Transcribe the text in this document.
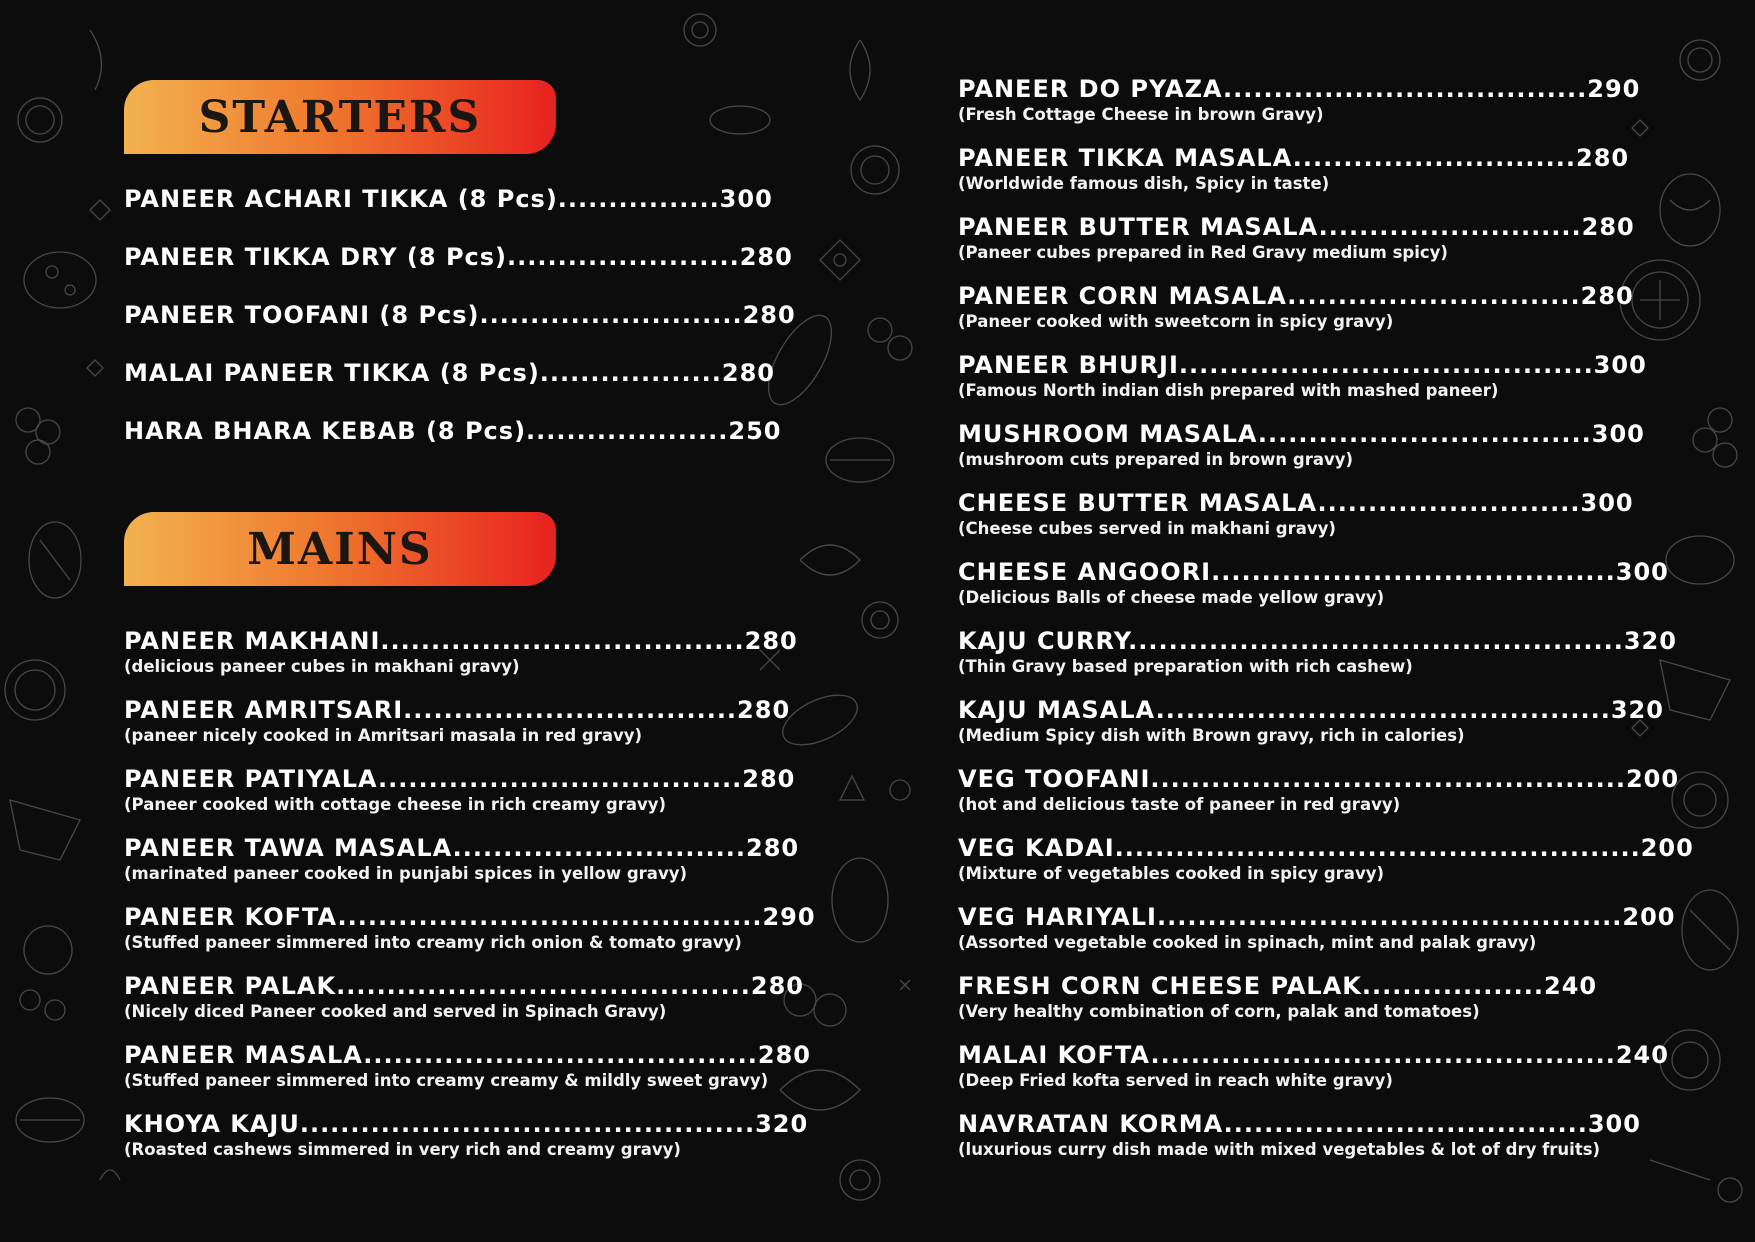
STARTERS
PANEER ACHARI TIKKA (8 Pcs)................300
PANEER TIKKA DRY (8 Pcs).......................280
PANEER TOOFANI (8 Pcs)..........................280
MALAI PANEER TIKKA (8 Pcs)..................280
HARA BHARA KEBAB (8 Pcs)....................250
MAINS
PANEER MAKHANI....................................280
(delicious paneer cubes in makhani gravy)
PANEER AMRITSARI.................................280
(paneer nicely cooked in Amritsari masala in red gravy)
PANEER PATIYALA....................................280
(Paneer cooked with cottage cheese in rich creamy gravy)
PANEER TAWA MASALA.............................280
(marinated paneer cooked in punjabi spices in yellow gravy)
PANEER KOFTA..........................................290
(Stuffed paneer simmered into creamy rich onion & tomato gravy)
PANEER PALAK.........................................280
(Nicely diced Paneer cooked and served in Spinach Gravy)
PANEER MASALA.......................................280
(Stuffed paneer simmered into creamy creamy & mildly sweet gravy)
KHOYA KAJU.............................................320
(Roasted cashews simmered in very rich and creamy gravy)
PANEER DO PYAZA....................................290
(Fresh Cottage Cheese in brown Gravy)
PANEER TIKKA MASALA............................280
(Worldwide famous dish, Spicy in taste)
PANEER BUTTER MASALA..........................280
(Paneer cubes prepared in Red Gravy medium spicy)
PANEER CORN MASALA.............................280
(Paneer cooked with sweetcorn in spicy gravy)
PANEER BHURJI.........................................300
(Famous North indian dish prepared with mashed paneer)
MUSHROOM MASALA.................................300
(mushroom cuts prepared in brown gravy)
CHEESE BUTTER MASALA..........................300
(Cheese cubes served in makhani gravy)
CHEESE ANGOORI........................................300
(Delicious Balls of cheese made yellow gravy)
KAJU CURRY.................................................320
(Thin Gravy based preparation with rich cashew)
KAJU MASALA.............................................320
(Medium Spicy dish with Brown gravy, rich in calories)
VEG TOOFANI...............................................200
(hot and delicious taste of paneer in red gravy)
VEG KADAI....................................................200
(Mixture of vegetables cooked in spicy gravy)
VEG HARIYALI..............................................200
(Assorted vegetable cooked in spinach, mint and palak gravy)
FRESH CORN CHEESE PALAK..................240
(Very healthy combination of corn, palak and tomatoes)
MALAI KOFTA..............................................240
(Deep Fried kofta served in reach white gravy)
NAVRATAN KORMA....................................300
(luxurious curry dish made with mixed vegetables & lot of dry fruits)
